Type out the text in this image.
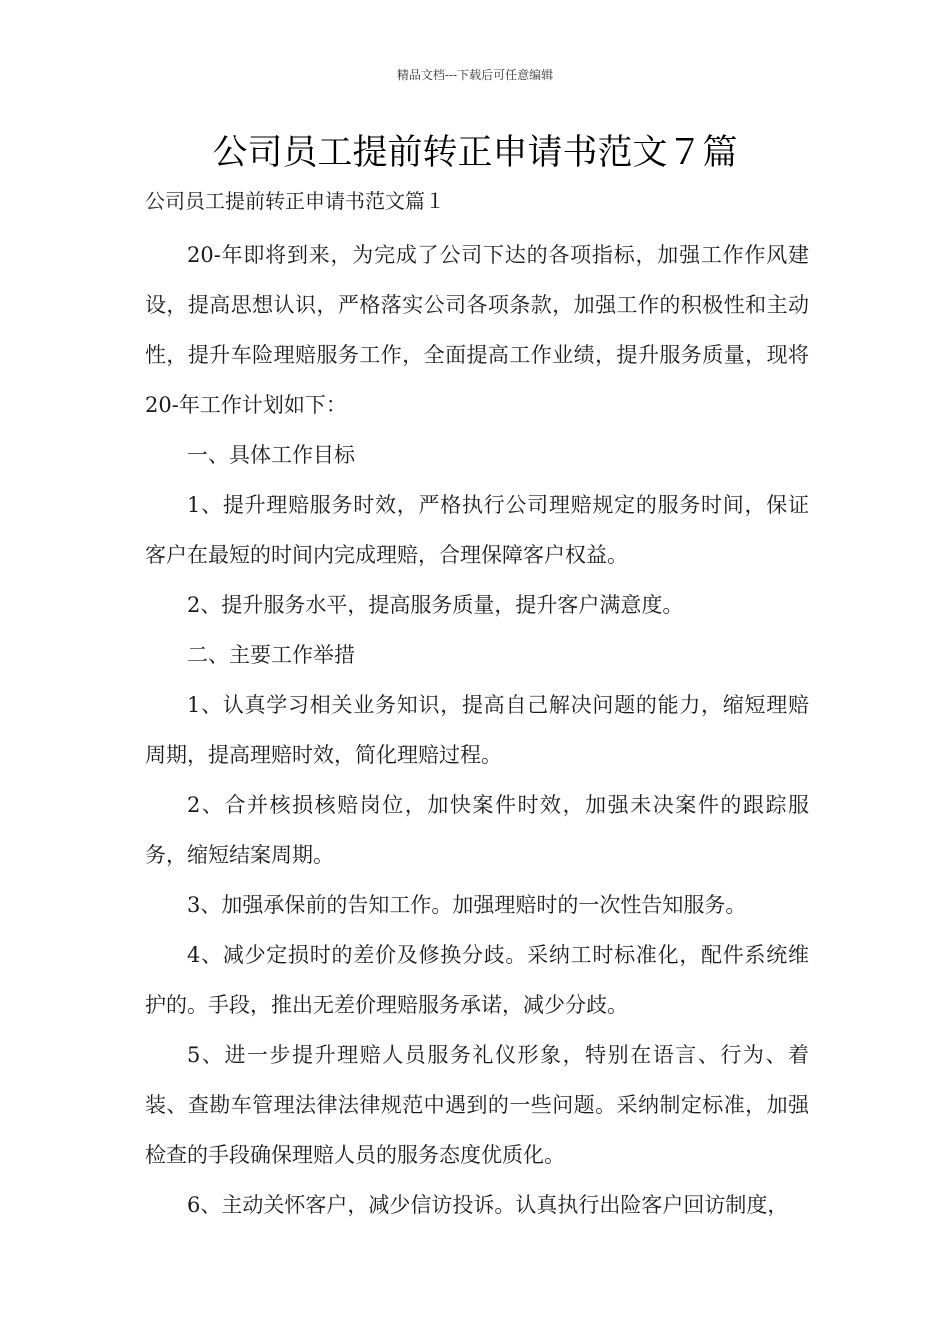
精品文档---下载后可任意编辑
公司员工提前转正申请书范文７篇

公司员工提前转正申请书范文篇１

20-年即将到来，为完成了公司下达的各项指标，加强工作作风建设，提高思想认识，严格落实公司各项条款，加强工作的积极性和主动性，提升车险理赔服务工作，全面提高工作业绩，提升服务质量，现将20-年工作计划如下：

一、具体工作目标

1、提升理赔服务时效，严格执行公司理赔规定的服务时间，保证客户在最短的时间内完成理赔，合理保障客户权益。

2、提升服务水平，提高服务质量，提升客户满意度。

二、主要工作举措

1、认真学习相关业务知识，提高自己解决问题的能力，缩短理赔周期，提高理赔时效，简化理赔过程。

2、合并核损核赔岗位，加快案件时效，加强未决案件的跟踪服务，缩短结案周期。

3、加强承保前的告知工作。加强理赔时的一次性告知服务。

4、减少定损时的差价及修换分歧。采纳工时标准化，配件系统维护的。手段，推出无差价理赔服务承诺，减少分歧。

5、进一步提升理赔人员服务礼仪形象，特别在语言、行为、着装、查勘车管理法律法律规范中遇到的一些问题。采纳制定标准，加强检查的手段确保理赔人员的服务态度优质化。

6、主动关怀客户，减少信访投诉。认真执行出险客户回访制度，
